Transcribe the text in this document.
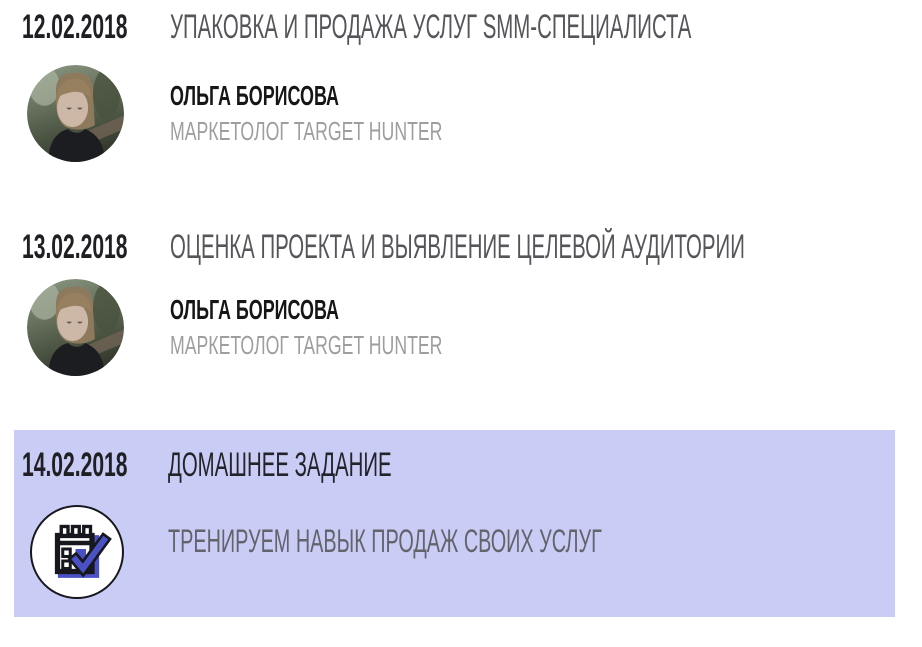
12.02.2018 УПАКОВКА И ПРОДАЖА УСЛУГ SMM-СПЕЦИАЛИСТА
ОЛЬГА БОРИСОВА
МАРКЕТОЛОГ TARGET HUNTER
13.02.2018 ОЦЕНКА ПРОЕКТА И ВЫЯВЛЕНИЕ ЦЕЛЕВОЙ АУДИТОРИИ
ОЛЬГА БОРИСОВА
МАРКЕТОЛОГ TARGET HUNTER
14.02.2018 ДОМАШНЕЕ ЗАДАНИЕ
ТРЕНИРУЕМ НАВЫК ПРОДАЖ СВОИХ УСЛУГ
